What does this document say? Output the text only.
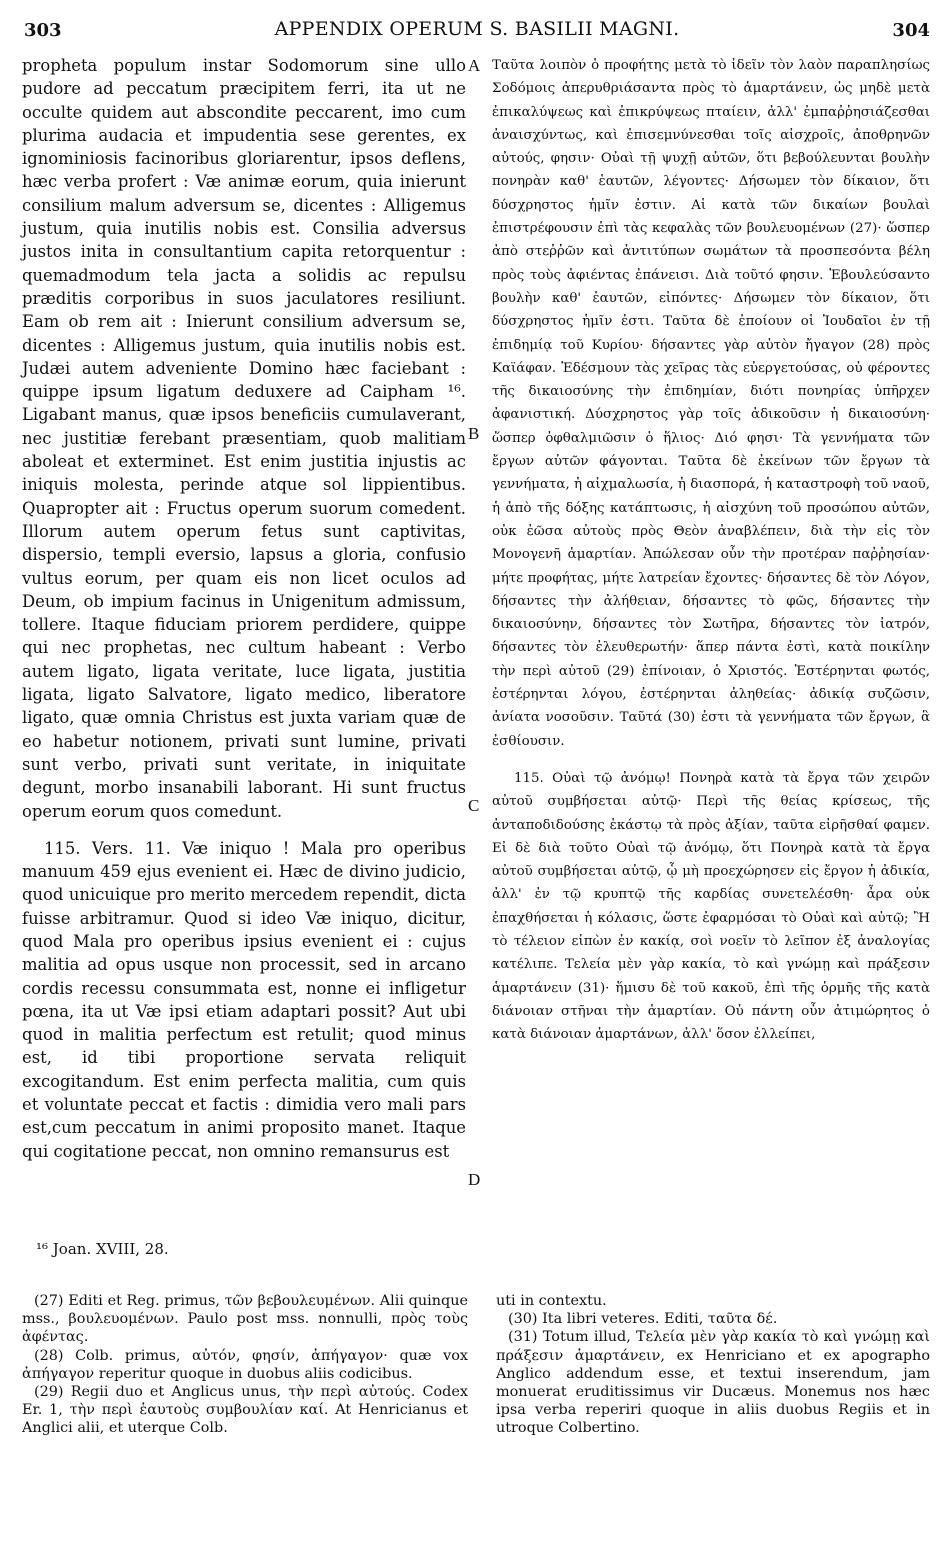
303	APPENDIX OPERUM S. BASILII MAGNI.	304

propheta populum instar Sodomorum sine ullo pudore ad peccatum præcipitem ferri, ita ut ne occulte quidem aut abscondite peccarent, imo cum plurima audacia et impudentia sese gerentes, ex ignominiosis facinoribus gloriarentur, ipsos deflens, hæc verba profert : Væ animæ eorum, quia inierunt consilium malum adversum se, dicentes : Alligemus justum, quia inutilis nobis est. Consilia adversus justos inita in consultantium capita retorquentur : quemadmodum tela jacta a solidis ac repulsu præditis corporibus in suos jaculatores resiliunt. Eam ob rem ait : Inierunt consilium adversum se, dicentes : Alligemus justum, quia inutilis nobis est. Judæi autem adveniente Domino hæc faciebant : quippe ipsum ligatum deduxere ad Caipham ¹⁶. Ligabant manus, quæ ipsos beneficiis cumulaverant, nec justitiæ ferebant præsentiam, quob malitiam aboleat et exterminet. Est enim justitia injustis ac iniquis molesta, perinde atque sol lippientibus. Quapropter ait : Fructus operum suorum comedent. Illorum autem operum fetus sunt captivitas, dispersio, templi eversio, lapsus a gloria, confusio vultus eorum, per quam eis non licet oculos ad Deum, ob impium facinus in Unigenitum admissum, tollere. Itaque fiduciam priorem perdidere, quippe qui nec prophetas, nec cultum habeant : Verbo autem ligato, ligata veritate, luce ligata, justitia ligata, ligato Salvatore, ligato medico, liberatore ligato, quæ omnia Christus est juxta variam quæ de eo habetur notionem, privati sunt lumine, privati sunt verbo, privati sunt veritate, in iniquitate degunt, morbo insanabili laborant. Hi sunt fructus operum eorum quos comedunt.

115. Vers. 11. Væ iniquo ! Mala pro operibus manuum 459 ejus evenient ei. Hæc de divino judicio, quod unicuique pro merito mercedem rependit, dicta fuisse arbitramur. Quod si ideo Væ iniquo, dicitur, quod Mala pro operibus ipsius evenient ei : cujus malitia ad opus usque non processit, sed in arcano cordis recessu consummata est, nonne ei infligetur pœna, ita ut Væ ipsi etiam adaptari possit? Aut ubi quod in malitia perfectum est retulit; quod minus est, id tibi proportione servata reliquit excogitandum. Est enim perfecta malitia, cum quis et voluntate peccat et factis : dimidia vero mali pars est,cum peccatum in animi proposito manet. Itaque qui cogitatione peccat, non omnino remansurus est

A
B
C
D

Ταῦτα λοιπὸν ὁ προφήτης μετὰ τὸ ἰδεῖν τὸν λαὸν παραπλησίως Σοδόμοις ἀπερυθριάσαντα πρὸς τὸ ἁμαρτάνειν, ὡς μηδὲ μετὰ ἐπικαλύψεως καὶ ἐπικρύψεως πταίειν, ἀλλ' ἐμπαῤῥησιάζεσθαι ἀναισχύντως, καὶ ἐπισεμνύνεσθαι τοῖς αἰσχροῖς, ἀποθρηνῶν αὐτούς, φησιν· Οὐαὶ τῇ ψυχῇ αὐτῶν, ὅτι βεβούλευνται βουλὴν πονηρὰν καθ' ἑαυτῶν, λέγοντες· Δήσωμεν τὸν δίκαιον, ὅτι δύσχρηστος ἡμῖν ἐστιν. Αἱ κατὰ τῶν δικαίων βουλαὶ ἐπιστρέφουσιν ἐπὶ τὰς κεφαλὰς τῶν βουλευομένων (27)· ὥσπερ ἀπὸ στεῤῥῶν καὶ ἀντιτύπων σωμάτων τὰ προσπεσόντα βέλη πρὸς τοὺς ἀφιέντας ἐπάνεισι. Διὰ τοῦτό φησιν. Ἐβουλεύσαντο βουλὴν καθ' ἑαυτῶν, εἰπόντες· Δήσωμεν τὸν δίκαιον, ὅτι δύσχρηστος ἡμῖν ἐστι. Ταῦτα δὲ ἐποίουν οἱ Ἰουδαῖοι ἐν τῇ ἐπιδημίᾳ τοῦ Κυρίου· δήσαντες γὰρ αὐτὸν ἤγαγον (28) πρὸς Καϊάφαν. Ἐδέσμουν τὰς χεῖρας τὰς εὐεργετούσας, οὐ φέροντες τῆς δικαιοσύνης τὴν ἐπιδημίαν, διότι πονηρίας ὑπῆρχεν ἀφανιστική. Δύσχρηστος γὰρ τοῖς ἀδικοῦσιν ἡ δικαιοσύνη· ὥσπερ ὀφθαλμιῶσιν ὁ ἥλιος· Διό φησι· Τὰ γεννήματα τῶν ἔργων αὐτῶν φάγονται. Ταῦτα δὲ ἐκείνων τῶν ἔργων τὰ γεννήματα, ἡ αἰχμαλωσία, ἡ διασπορά, ἡ καταστροφὴ τοῦ ναοῦ, ἡ ἀπὸ τῆς δόξης κατάπτωσις, ἡ αἰσχύνη τοῦ προσώπου αὐτῶν, οὐκ ἐῶσα αὐτοὺς πρὸς Θεὸν ἀναβλέπειν, διὰ τὴν εἰς τὸν Μονογενῆ ἁμαρτίαν. Ἀπώλεσαν οὖν τὴν προτέραν παῤῥησίαν· μήτε προφήτας, μήτε λατρείαν ἔχοντες· δήσαντες δὲ τὸν Λόγον, δήσαντες τὴν ἀλήθειαν, δήσαντες τὸ φῶς, δήσαντες τὴν δικαιοσύνην, δήσαντες τὸν Σωτῆρα, δήσαντες τὸν ἰατρόν, δήσαντες τὸν ἐλευθερωτήν· ἅπερ πάντα ἐστὶ, κατὰ ποικίλην τὴν περὶ αὐτοῦ (29) ἐπίνοιαν, ὁ Χριστός. Ἐστέρηνται φωτός, ἐστέρηνται λόγου, ἐστέρηνται ἀληθείας· ἀδικίᾳ συζῶσιν, ἀνίατα νοσοῦσιν. Ταῦτά (30) ἐστι τὰ γεννήματα τῶν ἔργων, ἃ ἐσθίουσιν.

115. Οὐαὶ τῷ ἀνόμῳ! Πονηρὰ κατὰ τὰ ἔργα τῶν χειρῶν αὐτοῦ συμβήσεται αὐτῷ· Περὶ τῆς θείας κρίσεως, τῆς ἀνταποδιδούσης ἑκάστῳ τὰ πρὸς ἀξίαν, ταῦτα εἰρῆσθαί φαμεν. Εἰ δὲ διὰ τοῦτο Οὐαὶ τῷ ἀνόμῳ, ὅτι Πονηρὰ κατὰ τὰ ἔργα αὐτοῦ συμβήσεται αὐτῷ, ᾧ μὴ προεχώρησεν εἰς ἔργον ἡ ἀδικία, ἀλλ' ἐν τῷ κρυπτῷ τῆς καρδίας συνετελέσθη· ἆρα οὐκ ἐπαχθήσεται ἡ κόλασις, ὥστε ἐφαρμόσαι τὸ Οὐαὶ καὶ αὐτῷ; Ἢ τὸ τέλειον εἰπὼν ἐν κακίᾳ, σοὶ νοεῖν τὸ λεῖπον ἐξ ἀναλογίας κατέλιπε. Τελεία μὲν γὰρ κακία, τὸ καὶ γνώμῃ καὶ πράξεσιν ἁμαρτάνειν (31)· ἥμισυ δὲ τοῦ κακοῦ, ἐπὶ τῆς ὁρμῆς τῆς κατὰ διάνοιαν στῆναι τὴν ἁμαρτίαν. Οὐ πάντη οὖν ἀτιμώρητος ὁ κατὰ διάνοιαν ἁμαρτάνων, ἀλλ' ὅσον ἐλλείπει,

¹⁶ Joan. XVIII, 28.

(27) Editi et Reg. primus, τῶν βεβουλευμένων. Alii quinque mss., βουλευομένων. Paulo post mss. nonnulli, πρὸς τοὺς ἀφέντας.

(28) Colb. primus, αὐτόν, φησίν, ἀπήγαγον· quæ vox ἀπήγαγον reperitur quoque in duobus aliis codicibus.

(29) Regii duo et Anglicus unus, τὴν περὶ αὐτούς. Codex Er. 1, τὴν περὶ ἑαυτοὺς συμβουλίαν καί. At Henricianus et Anglici alii, et uterque Colb.

uti in contextu.

(30) Ita libri veteres. Editi, ταῦτα δέ.

(31) Totum illud, Τελεία μὲν γὰρ κακία τὸ καὶ γνώμῃ καὶ πράξεσιν ἁμαρτάνειν, ex Henriciano et ex apographo Anglico addendum esse, et textui inserendum, jam monuerat eruditissimus vir Ducæus. Monemus nos hæc ipsa verba reperiri quoque in aliis duobus Regiis et in utroque Colbertino.
